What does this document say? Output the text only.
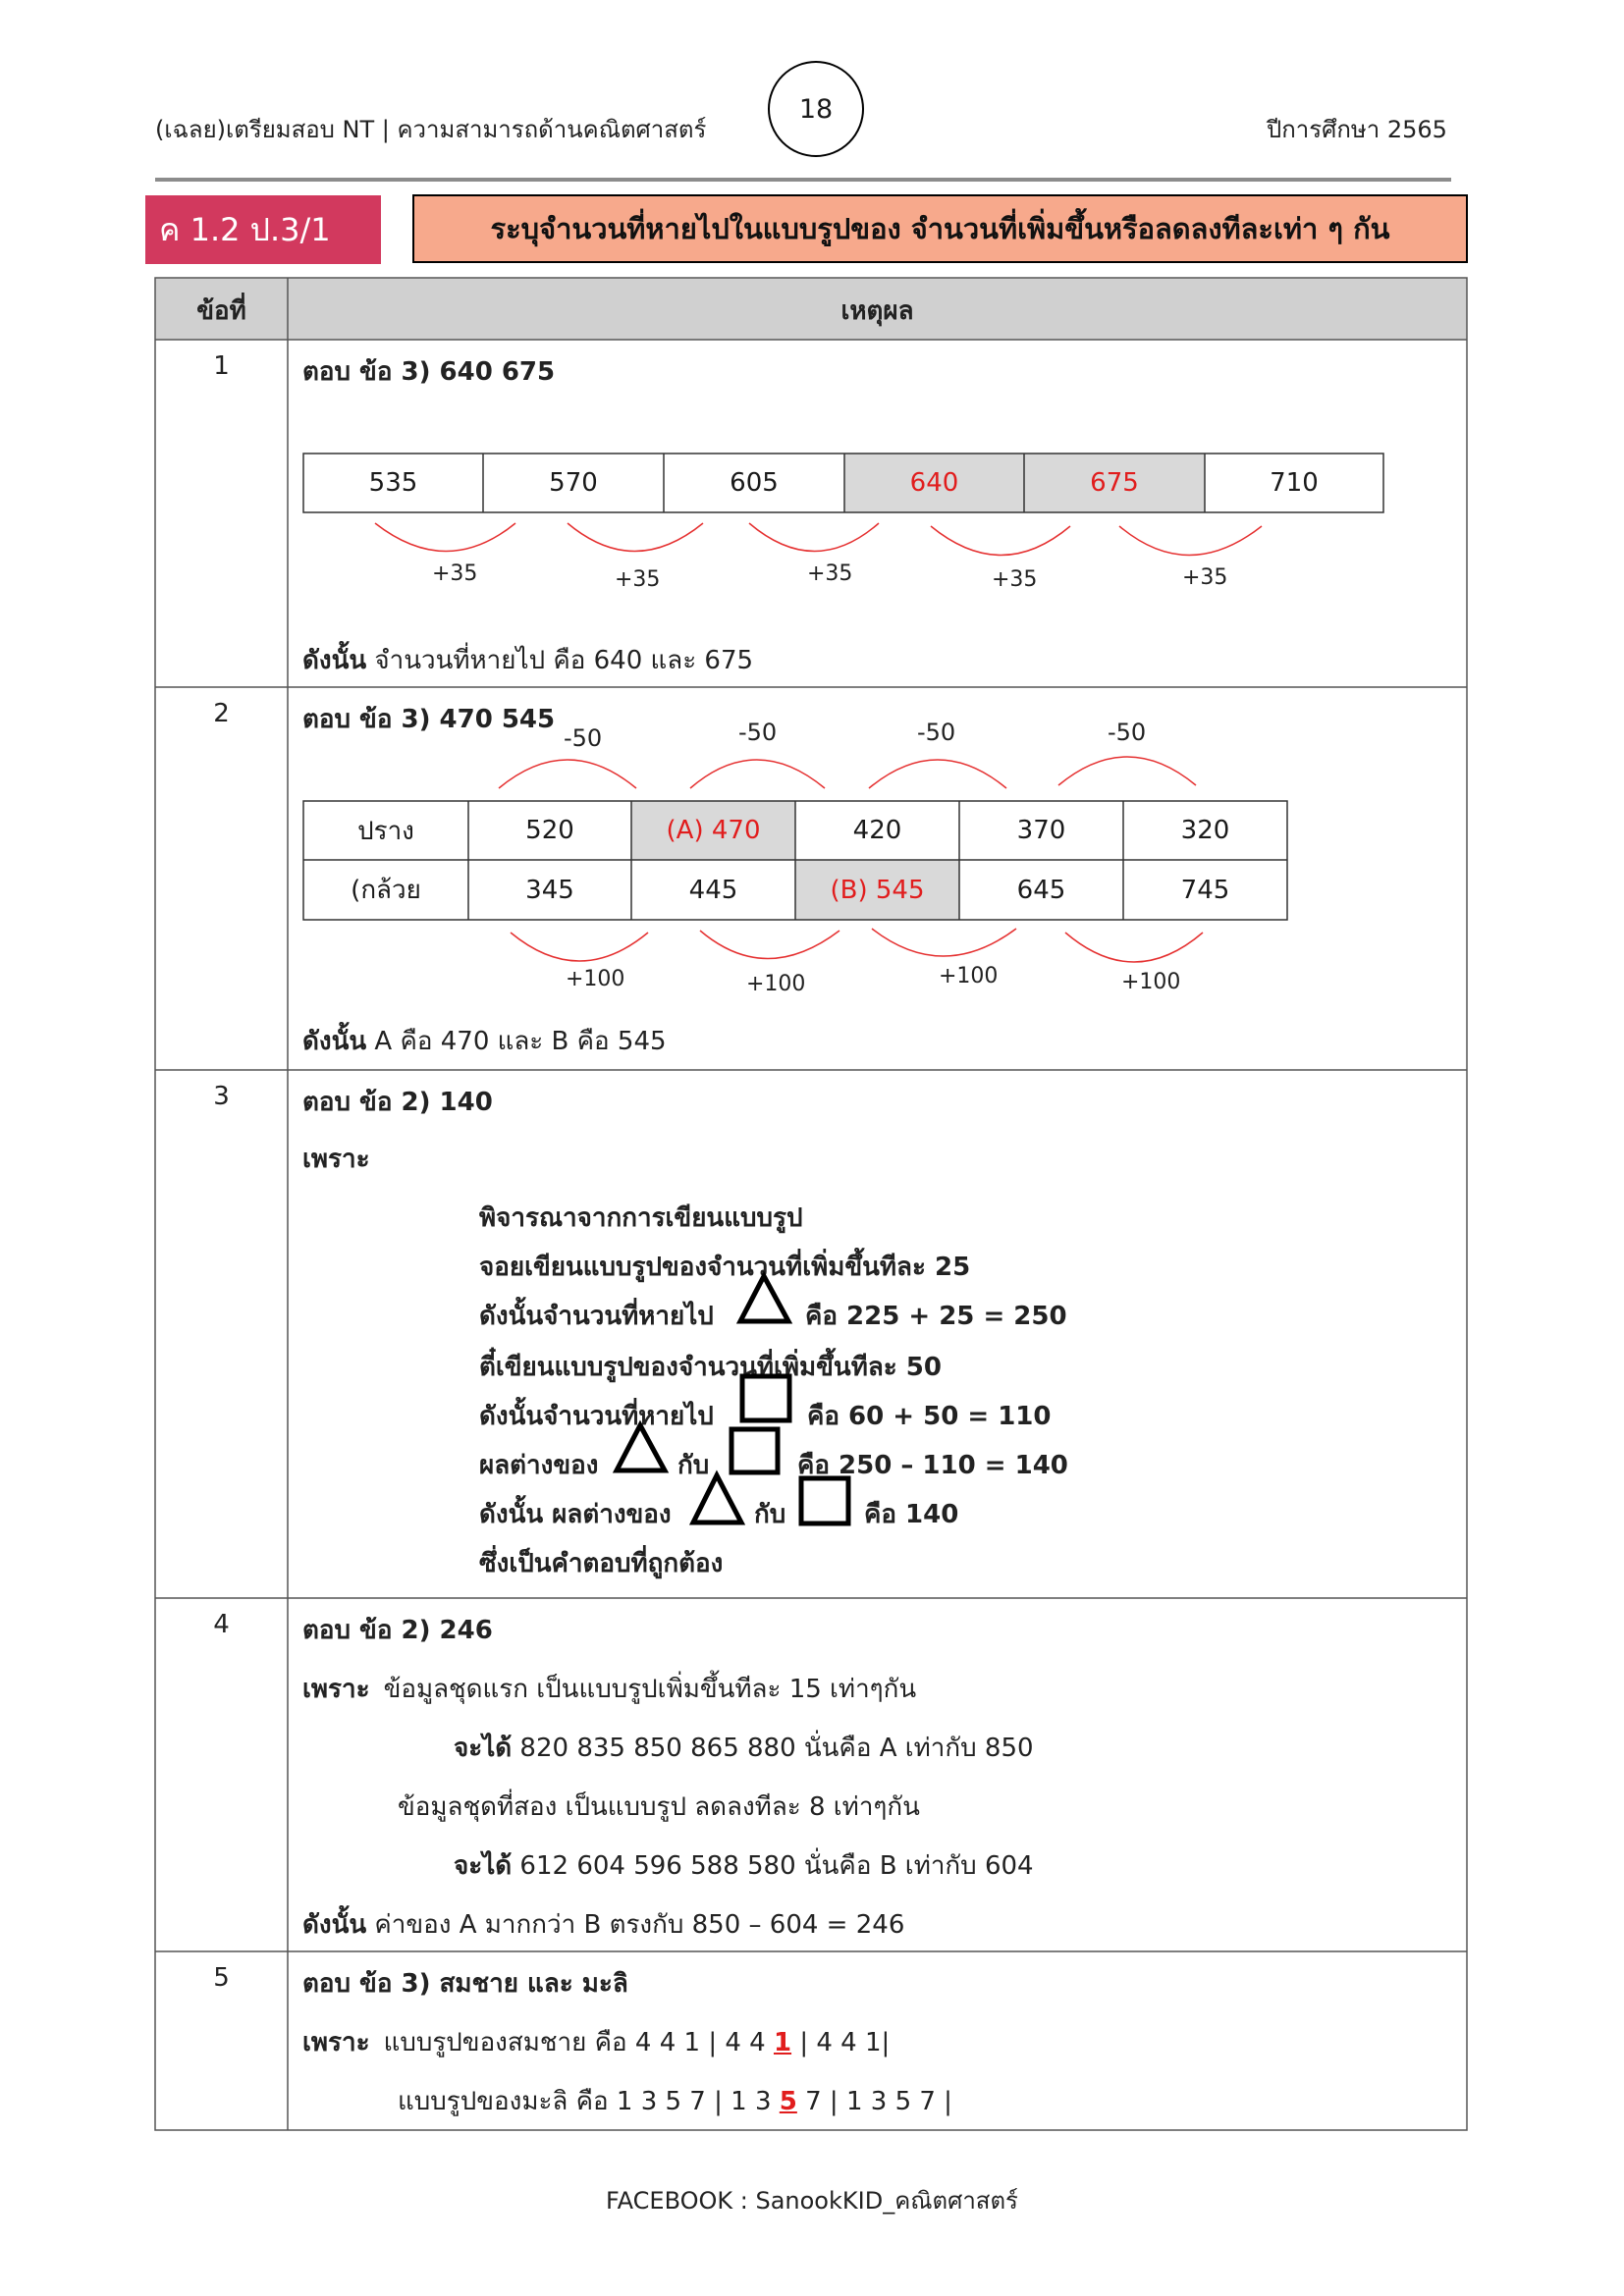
(เฉลย)เตรียมสอบ NT | ความสามารถด้านคณิตศาสตร์
18
ปีการศึกษา 2565
ค 1.2 ป.3/1	ระบุจำนวนที่หายไปในแบบรูปของ จำนวนที่เพิ่มขึ้นหรือลดลงทีละเท่า ๆ กัน
ข้อที่	เหตุผล
1	ตอบ ข้อ 3) 640 675
535	570	605	640	675	710
+35	+35	+35	+35	+35
ดังนั้น จำนวนที่หายไป คือ 640 และ 675
2	ตอบ ข้อ 3) 470 545
-50	-50	-50	-50
ปราง	520	(A) 470	420	370	320
(กล้วย	345	445	(B) 545	645	745
+100	+100	+100	+100
ดังนั้น A คือ 470 และ B คือ 545
3	ตอบ ข้อ 2) 140
เพราะ
พิจารณาจากการเขียนแบบรูป
จอยเขียนแบบรูปของจำนวนที่เพิ่มขึ้นทีละ 25
ดังนั้นจำนวนที่หายไป	คือ 225 + 25 = 250
ตี๋เขียนแบบรูปของจำนวนที่เพิ่มขึ้นทีละ 50
ดังนั้นจำนวนที่หายไป	คือ 60 + 50 = 110
ผลต่างของ	กับ	คือ 250 – 110 = 140
ดังนั้น ผลต่างของ	กับ	คือ 140
ซึ่งเป็นคำตอบที่ถูกต้อง
4	ตอบ ข้อ 2) 246
เพราะ ข้อมูลชุดแรก เป็นแบบรูปเพิ่มขึ้นทีละ 15 เท่าๆกัน
จะได้ 820 835 850 865 880 นั่นคือ A เท่ากับ 850
ข้อมูลชุดที่สอง เป็นแบบรูป ลดลงทีละ 8 เท่าๆกัน
จะได้ 612 604 596 588 580 นั่นคือ B เท่ากับ 604
ดังนั้น ค่าของ A มากกว่า B ตรงกับ 850 – 604 = 246
5	ตอบ ข้อ 3) สมชาย และ มะลิ
เพราะ แบบรูปของสมชาย คือ 4 4 1 | 4 4 1 | 4 4 1|
แบบรูปของมะลิ คือ 1 3 5 7 | 1 3 5 7 | 1 3 5 7 |
FACEBOOK : SanookKID_คณิตศาสตร์
